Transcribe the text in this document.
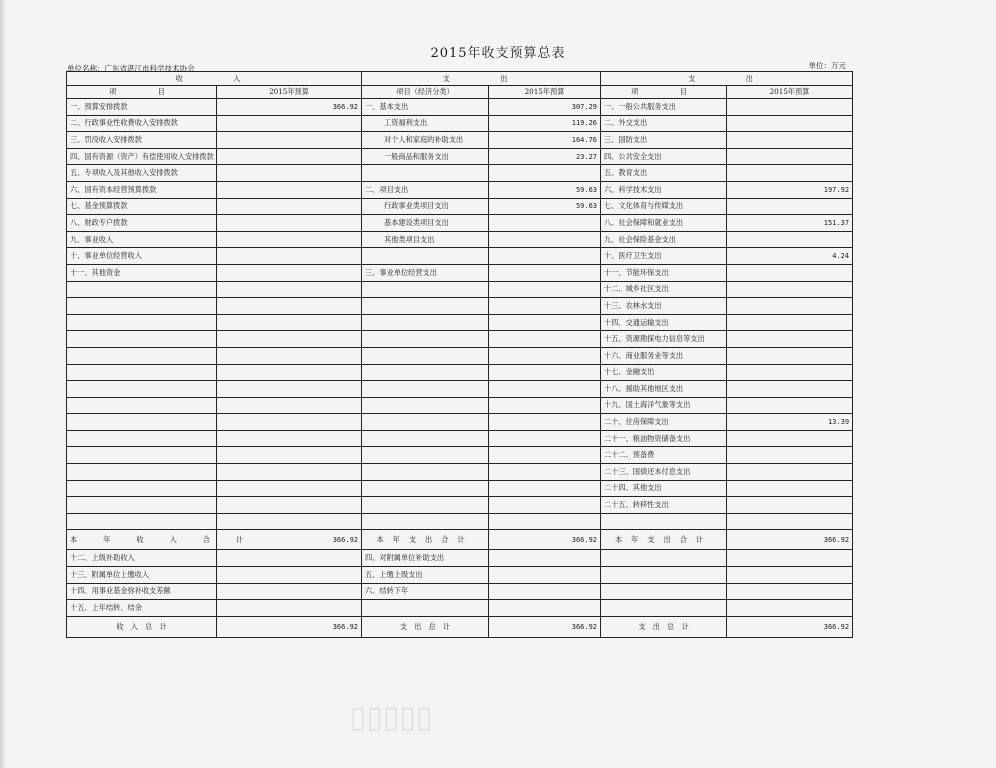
2015年收支预算总表
单位名称：广东省湛江市科学技术协会	单位：万元
收　　入		支　　出		支　　出	
项　　目	2015年预算	项目（经济分类）	2015年预算	项　　目	2015年预算
一、预算安排拨款	366.92	一、基本支出	307.29	一、一般公共服务支出	
二、行政事业性收费收入安排拨款		工资福利支出	119.26	二、外交支出	
三、罚没收入安排拨款		对个人和家庭的补助支出	164.76	三、国防支出	
四、国有资源（资产）有偿使用收入安排拨款		一般商品和服务支出	23.27	四、公共安全支出	
五、专项收入及其他收入安排拨款				五、教育支出	
六、国有资本经营预算拨款		二、项目支出	59.63	六、科学技术支出	197.92
七、基金预算拨款		行政事业类项目支出	59.63	七、文化体育与传媒支出	
八、财政专户拨款		基本建设类项目支出		八、社会保障和就业支出	151.37
九、事业收入		其他类项目支出		九、社会保险基金支出	
十、事业单位经营收入				十、医疗卫生支出	4.24
十一、其他资金		三、事业单位经营支出		十一、节能环保支出	
				十二、城乡社区支出	
				十三、农林水支出	
				十四、交通运输支出	
				十五、资源勘探电力信息等支出	
				十六、商业服务业等支出	
				十七、金融支出	
				十八、援助其他地区支出	
				十九、国土海洋气象等支出	
				二十、住房保障支出	13.39
				二十一、粮油物资储备支出	
				二十二、预备费	
				二十三、国债还本付息支出	
				二十四、其他支出	
				二十五、转移性支出	

本年收入合计	366.92	本年支出合计	366.92	本年支出合计	366.92
十二、上级补助收入		四、对附属单位补助支出			
十三、附属单位上缴收入		五、上缴上级支出			
十四、用事业基金弥补收支差额		六、结转下年			
十五、上年结转、结余					
收　入　总　计	366.92	支　出　总　计	366.92	支　出　总　计	366.92
▯▯▯▯▯
